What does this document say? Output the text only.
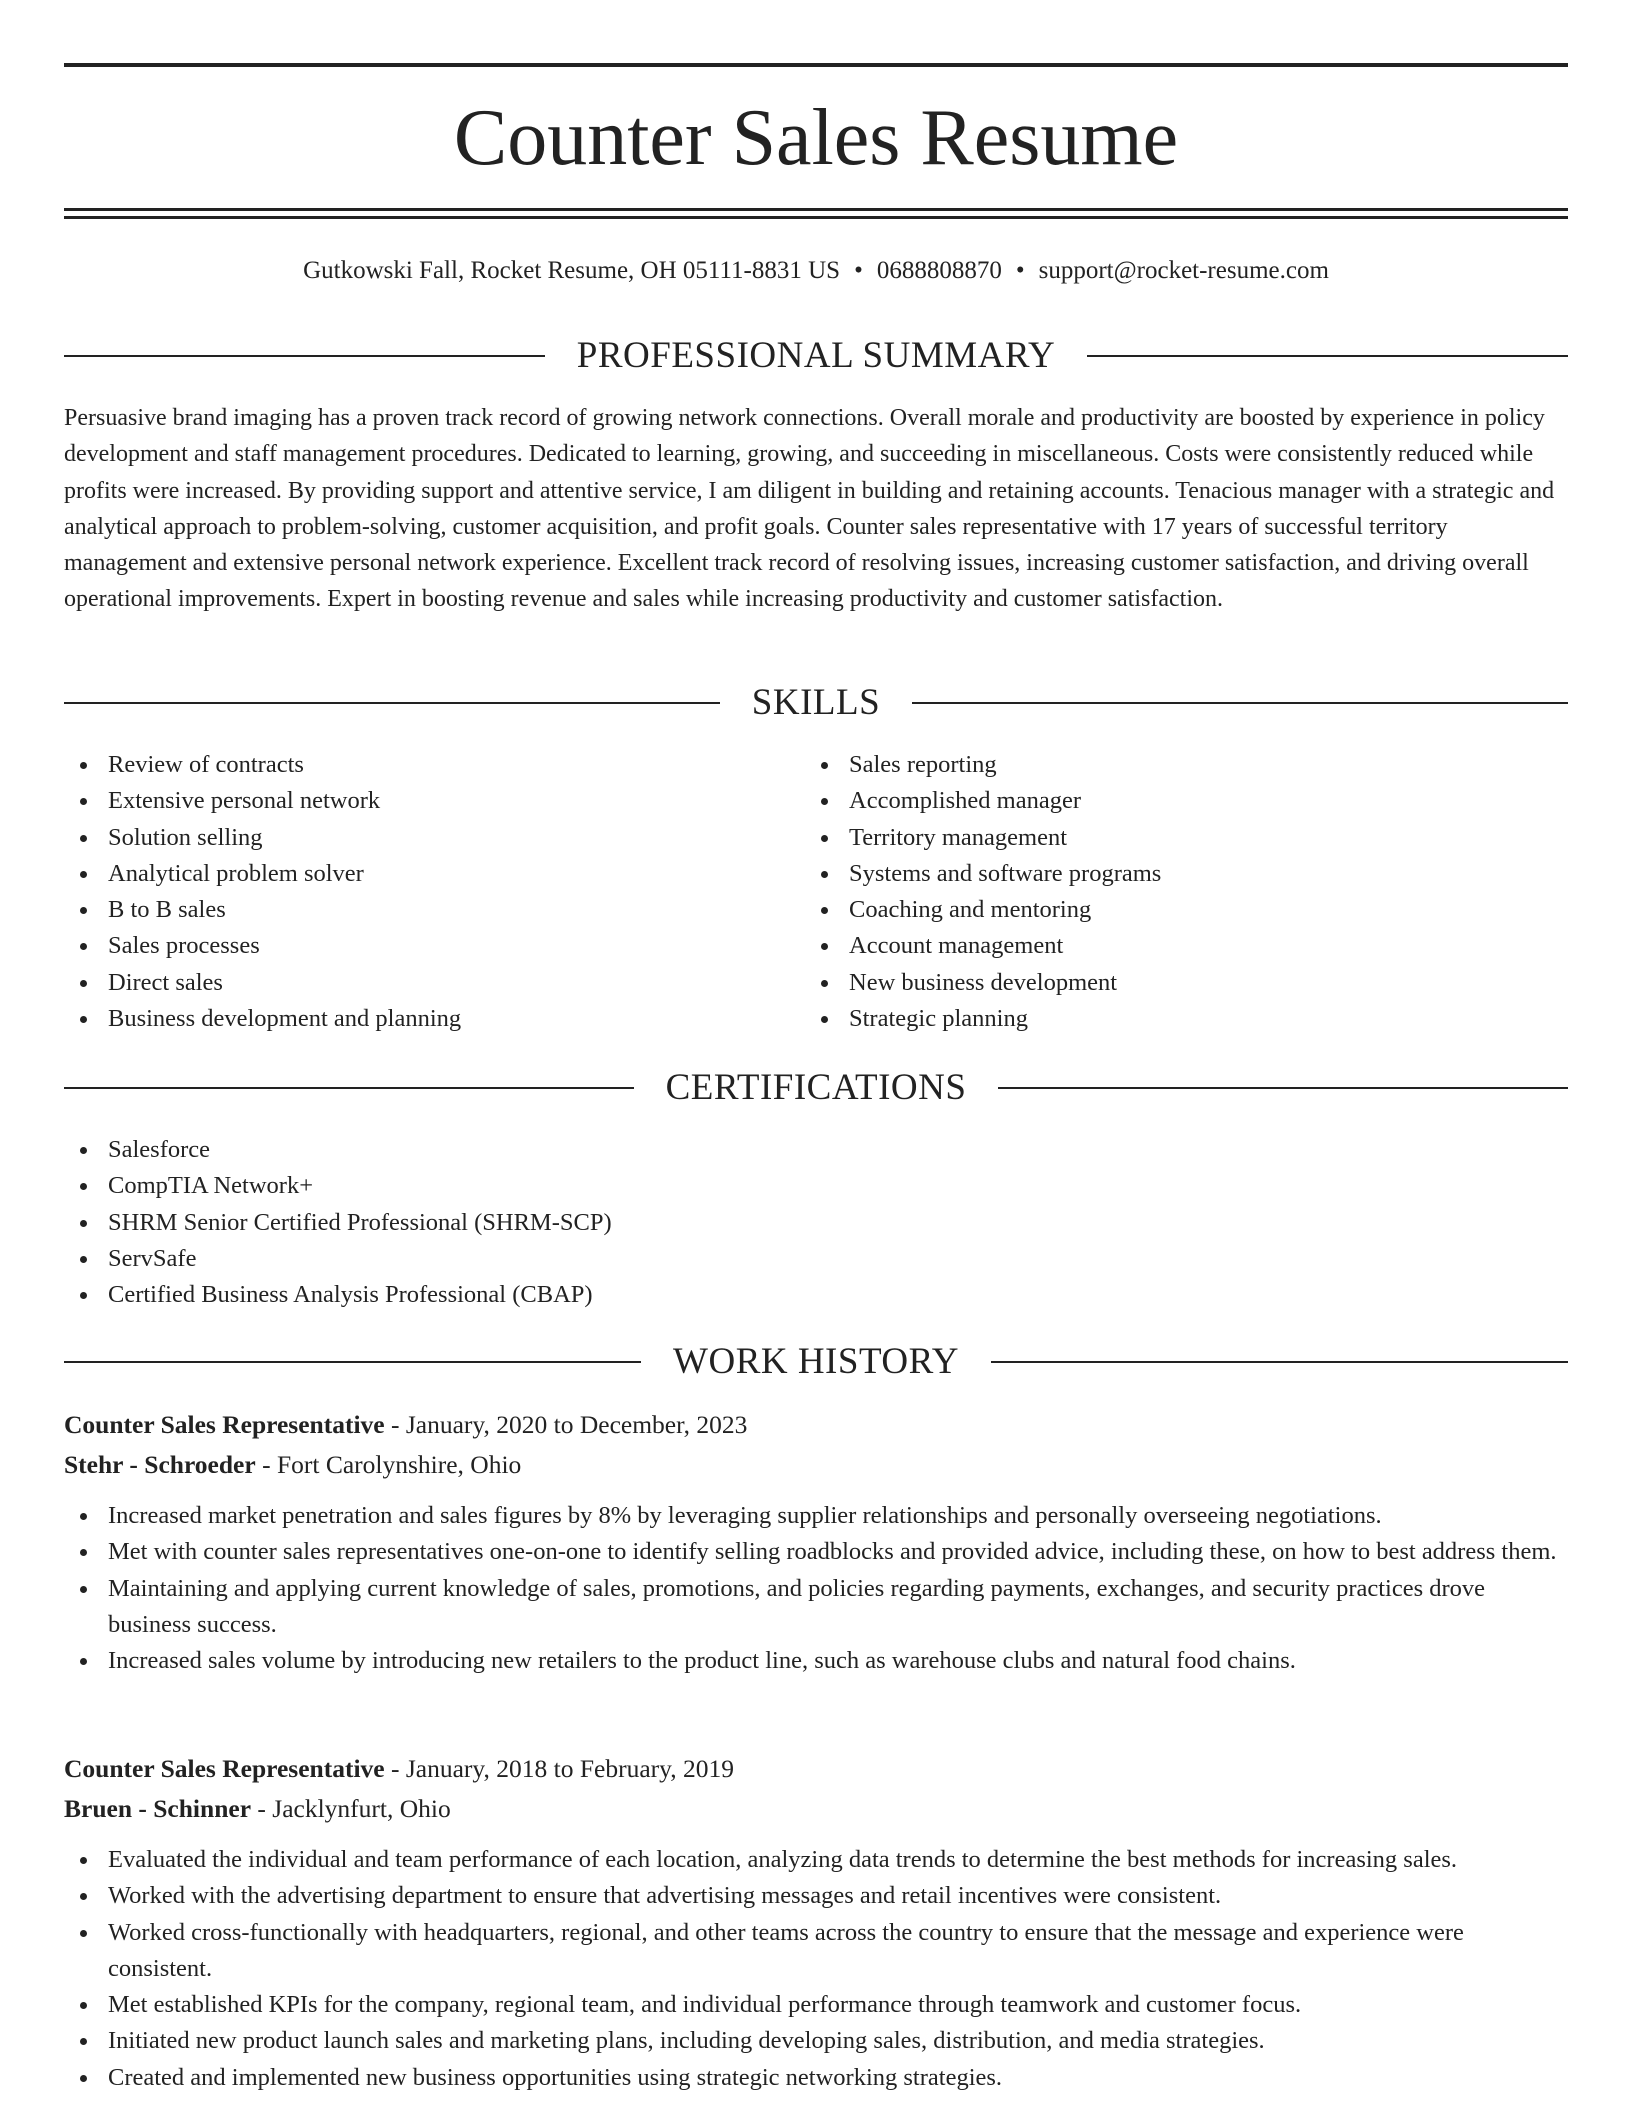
Counter Sales Resume
Gutkowski Fall, Rocket Resume, OH 05111-8831 US • 0688808870 • support@rocket-resume.com
PROFESSIONAL SUMMARY

Persuasive brand imaging has a proven track record of growing network connections. Overall morale and productivity are boosted by experience in policy development and staff management procedures. Dedicated to learning, growing, and succeeding in miscellaneous. Costs were consistently reduced while profits were increased. By providing support and attentive service, I am diligent in building and retaining accounts. Tenacious manager with a strategic and analytical approach to problem-solving, customer acquisition, and profit goals. Counter sales representative with 17 years of successful territory management and extensive personal network experience. Excellent track record of resolving issues, increasing customer satisfaction, and driving overall operational improvements. Expert in boosting revenue and sales while increasing productivity and customer satisfaction.

SKILLS
Review of contracts
Extensive personal network
Solution selling
Analytical problem solver
B to B sales
Sales processes
Direct sales
Business development and planning
Sales reporting
Accomplished manager
Territory management
Systems and software programs
Coaching and mentoring
Account management
New business development
Strategic planning
CERTIFICATIONS
Salesforce
CompTIA Network+
SHRM Senior Certified Professional (SHRM-SCP)
ServSafe
Certified Business Analysis Professional (CBAP)
WORK HISTORY
Counter Sales Representative - January, 2020 to December, 2023
Stehr - Schroeder - Fort Carolynshire, Ohio
Increased market penetration and sales figures by 8% by leveraging supplier relationships and personally overseeing negotiations.
Met with counter sales representatives one-on-one to identify selling roadblocks and provided advice, including these, on how to best address them.
Maintaining and applying current knowledge of sales, promotions, and policies regarding payments, exchanges, and security practices drove business success.
Increased sales volume by introducing new retailers to the product line, such as warehouse clubs and natural food chains.
Counter Sales Representative - January, 2018 to February, 2019
Bruen - Schinner - Jacklynfurt, Ohio
Evaluated the individual and team performance of each location, analyzing data trends to determine the best methods for increasing sales.
Worked with the advertising department to ensure that advertising messages and retail incentives were consistent.
Worked cross-functionally with headquarters, regional, and other teams across the country to ensure that the message and experience were consistent.
Met established KPIs for the company, regional team, and individual performance through teamwork and customer focus.
Initiated new product launch sales and marketing plans, including developing sales, distribution, and media strategies.
Created and implemented new business opportunities using strategic networking strategies.
